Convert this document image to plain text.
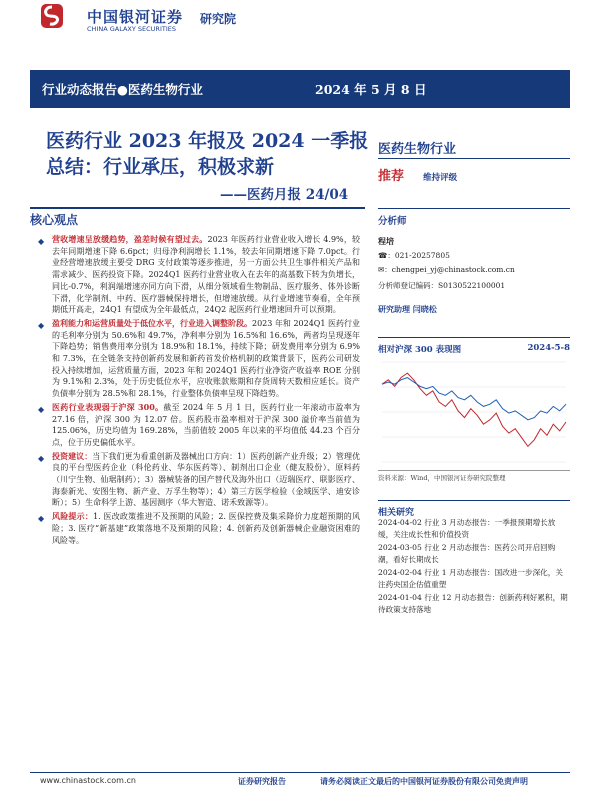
中国银河证券
CHINA GALAXY SECURITIES
研究院
行业动态报告●医药生物行业	2024 年 5 月 8 日
医药行业 2023 年报及 2024 一季报总结：行业承压，积极求新
——医药月报 24/04
核心观点
◆ 营收增速呈放缓趋势，盈差时候有望过去。2023 年医药行业营业收入增长 4.9%，较去年同期增速下降 6.6pct；归母净利润增长 1.1%，较去年同期增速下降 7.0pct。行业经营增速放缓主要受 DRG 支付政策等逐步推进，另一方面公共卫生事件相关产品和需求减少、医药投资下降。2024Q1 医药行业营业收入在去年的高基数下转为负增长，同比-0.7%，利润端增速亦同方向下滑，从细分领域看生物制品、医疗服务、体外诊断下滑，化学制剂、中药、医疗器械保持增长，但增速放缓。从行业增速节奏看，全年预期低开高走，24Q1 有望成为全年最低点，24Q2 起医药行业增速回升可以预期。
◆ 盈利能力和运营质量处于低位水平，行业进入调整阶段。2023 年和 2024Q1 医药行业的毛利率分别为 50.6%和 49.7%，净利率分别为 16.5%和 16.6%，两者均呈现逐年下降趋势；销售费用率分别为 18.9%和 18.1%，持续下降；研发费用率分别为 6.9%和 7.3%，在全链条支持创新药发展和新药首发价格机制的政策背景下，医药公司研发投入持续增加，运营质量方面，2023 年和 2024Q1 医药行业净资产收益率 ROE 分别为 9.1%和 2.3%，处于历史低位水平，应收账款账期和存货周转天数相应延长。资产负债率分别为 28.5%和 28.1%，行业整体负债率呈现下降趋势。
◆ 医药行业表现弱于沪深 300。截至 2024 年 5 月 1 日，医药行业一年滚动市盈率为 27.16 倍，沪深 300 为 12.07 倍。医药股市盈率相对于沪深 300 溢价率当前值为 125.06%，历史均值为 169.28%，当前值较 2005 年以来的平均值低 44.23 个百分点，位于历史偏低水平。
◆ 投资建议：当下我们更为看重创新及器械出口方向：1）医药创新产业升级；2）管理优良的平台型医药企业（科伦药业、华东医药等）、制剂出口企业（健友股份）、原料药（川宁生物、仙琚制药）；3）器械装备的国产替代及海外出口（迈瑞医疗、联影医疗、海泰新光、安图生物、新产业、万孚生物等）；4）第三方医学检验（金域医学、迪安诊断）；5）生命科学上游、基因测序（华大智造、诺禾致源等）。
◆ 风险提示：1. 医改政策推进不及预期的风险；2. 医保控费及集采降价力度超预期的风险；3. 医疗“新基建”政策落地不及预期的风险；4. 创新药及创新器械企业融资困难的风险等。
医药生物行业
推荐 维持评级
分析师
程培
☎：021-20257805
✉：chengpei_yj@chinastock.com.cn
分析师登记编码：S0130522100001
研究助理 闫晓松
相对沪深 300 表现图	2024-5-8
资料来源：Wind，中国银河证券研究院整理
相关研究
2024-04-02 行业 3 月动态报告：一季报预期增长放缓，关注成长性和价值投资
2024-03-05 行业 2 月动态报告：医药公司开启回购潮，看好长期成长
2024-02-04 行业 1 月动态报告：国改进一步深化，关注药央国企估值重塑
2024-01-04 行业 12 月动态报告：创新药利好累积，期待政策支持落地
www.chinastock.com.cn	证券研究报告	请务必阅读正文最后的中国银河证券股份有限公司免责声明
